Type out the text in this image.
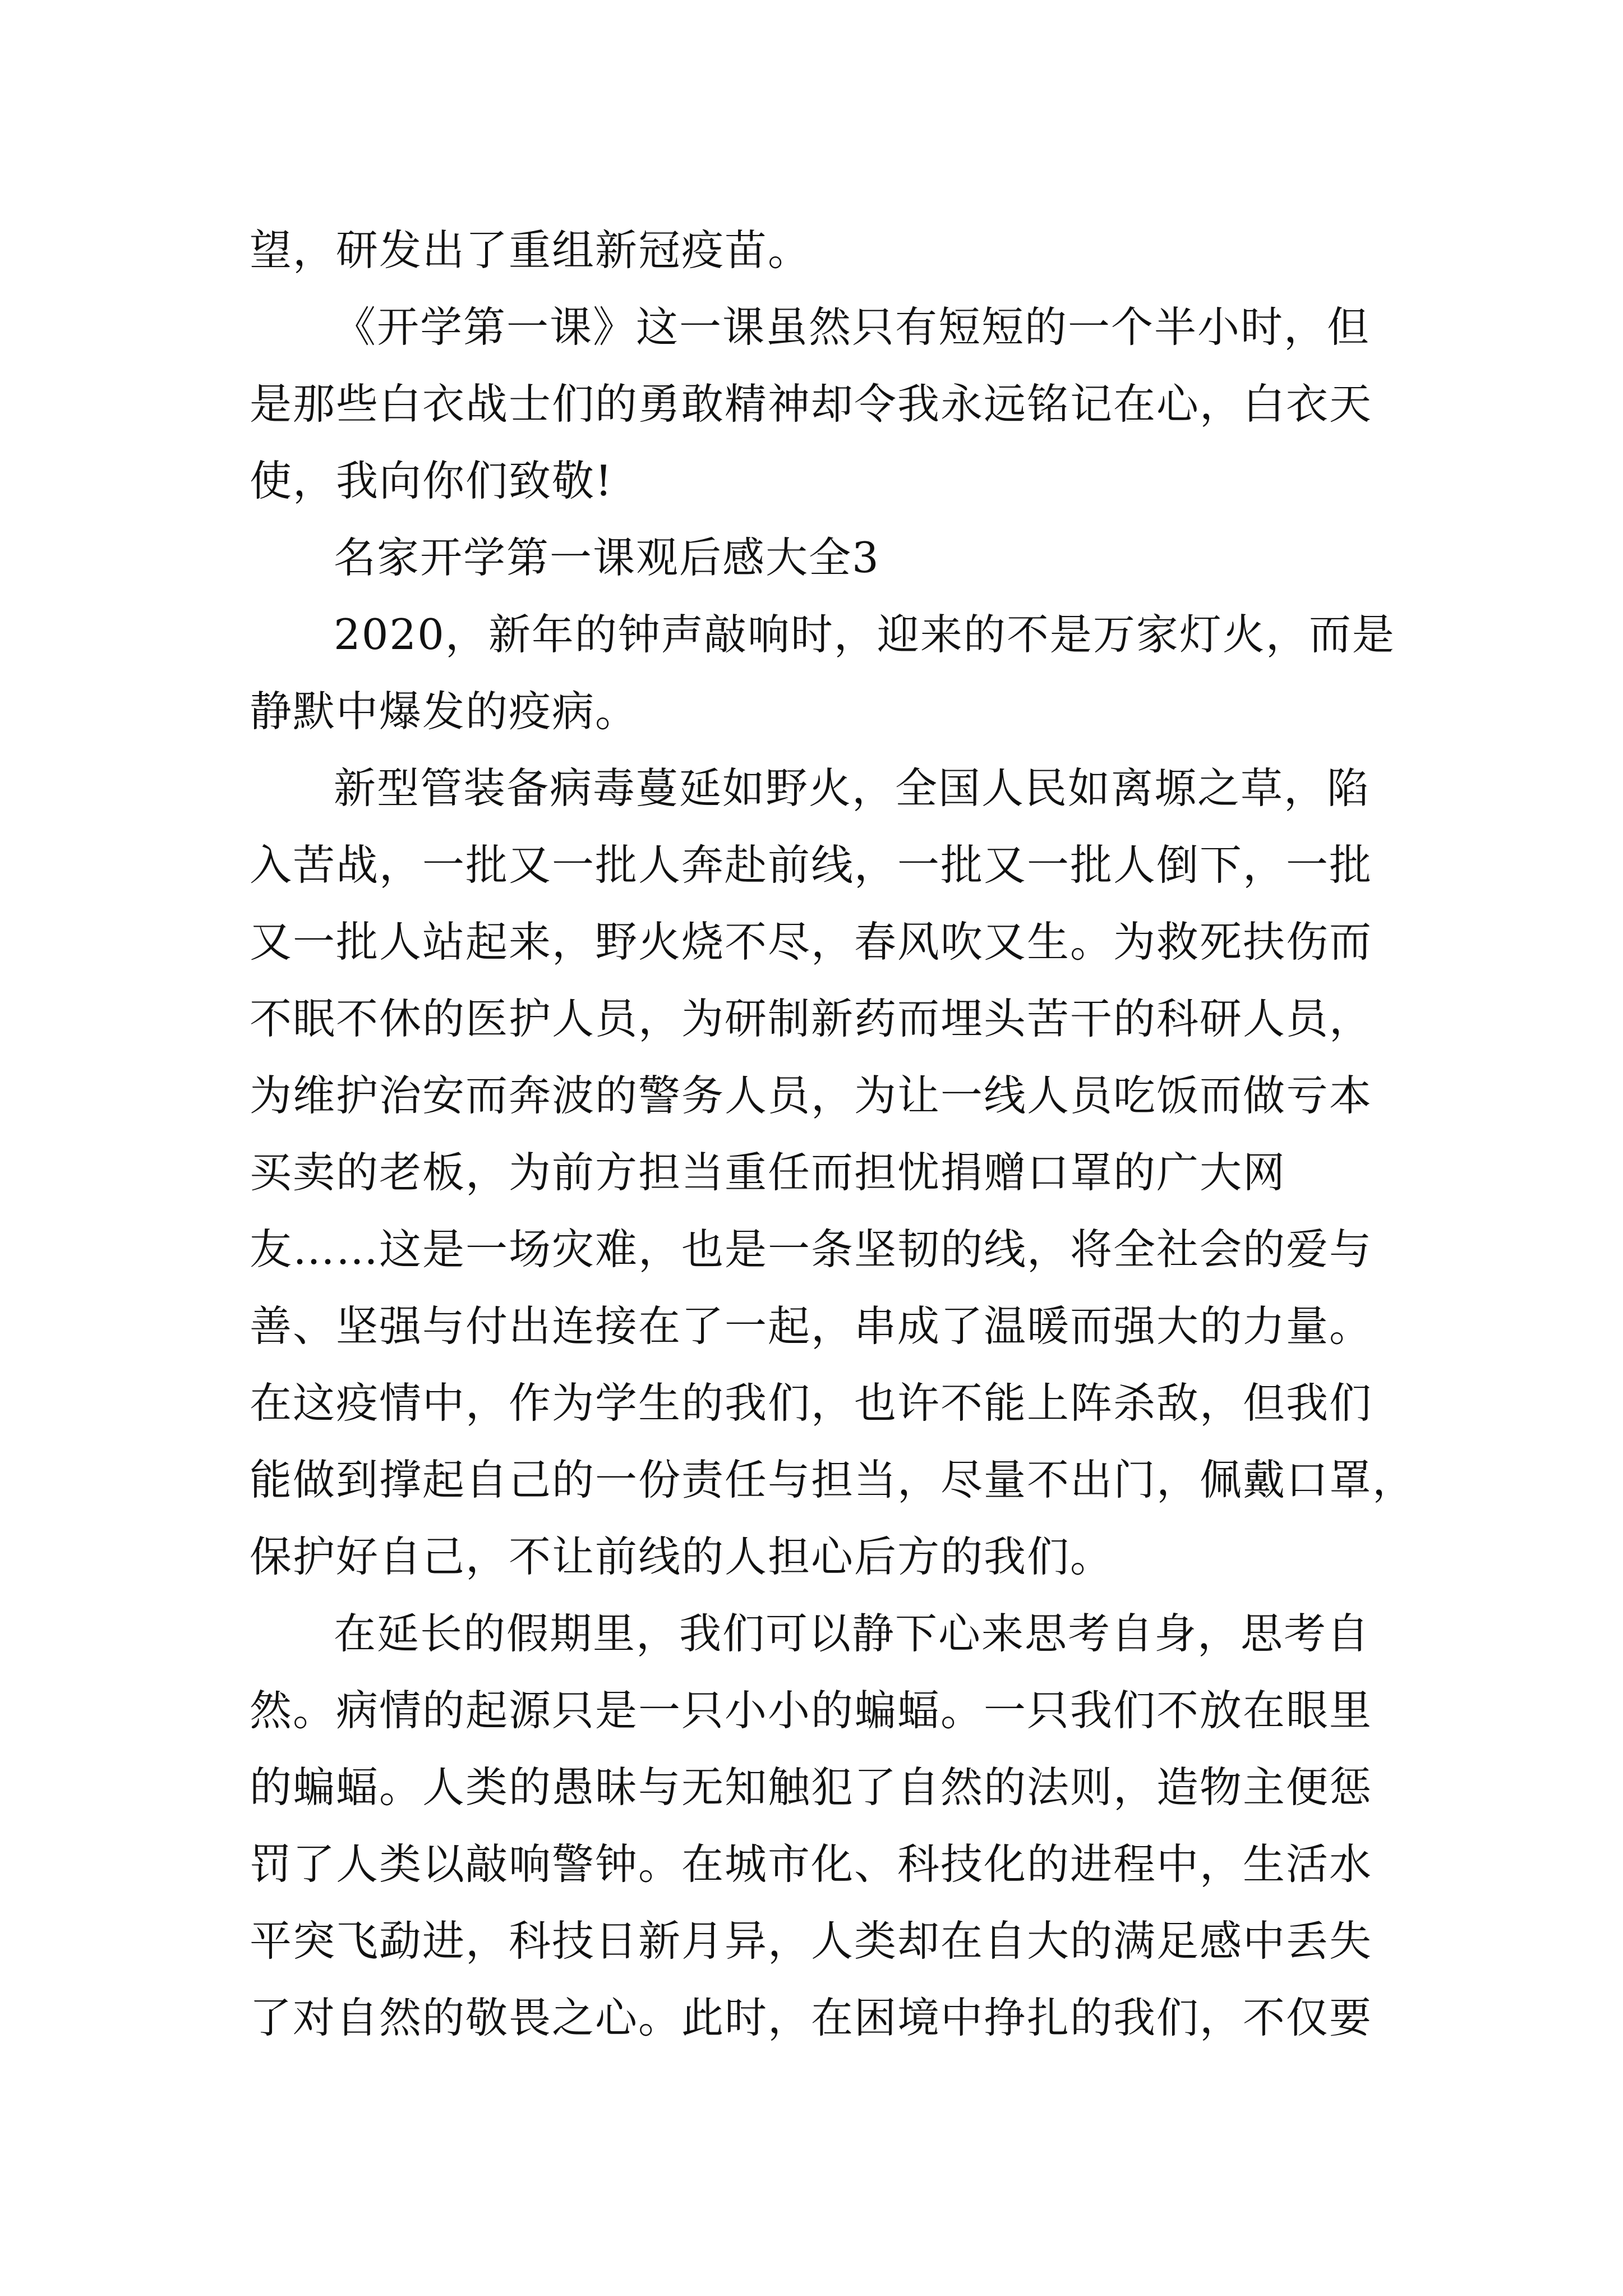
望，研发出了重组新冠疫苗。
《开学第一课》这一课虽然只有短短的一个半小时，但
是那些白衣战士们的勇敢精神却令我永远铭记在心，白衣天
使，我向你们致敬!
名家开学第一课观后感大全3
2020，新年的钟声敲响时，迎来的不是万家灯火，而是
静默中爆发的疫病。
新型管装备病毒蔓延如野火，全国人民如离塬之草，陷
入苦战，一批又一批人奔赴前线，一批又一批人倒下，一批
又一批人站起来，野火烧不尽，春风吹又生。为救死扶伤而
不眠不休的医护人员，为研制新药而埋头苦干的科研人员，
为维护治安而奔波的警务人员，为让一线人员吃饭而做亏本
买卖的老板，为前方担当重任而担忧捐赠口罩的广大网
友……这是一场灾难，也是一条坚韧的线，将全社会的爱与
善、坚强与付出连接在了一起，串成了温暖而强大的力量。
在这疫情中，作为学生的我们，也许不能上阵杀敌，但我们
能做到撑起自己的一份责任与担当，尽量不出门，佩戴口罩，
保护好自己，不让前线的人担心后方的我们。
在延长的假期里，我们可以静下心来思考自身，思考自
然。病情的起源只是一只小小的蝙蝠。一只我们不放在眼里
的蝙蝠。人类的愚昧与无知触犯了自然的法则，造物主便惩
罚了人类以敲响警钟。在城市化、科技化的进程中，生活水
平突飞勐进，科技日新月异，人类却在自大的满足感中丢失
了对自然的敬畏之心。此时，在困境中挣扎的我们，不仅要
